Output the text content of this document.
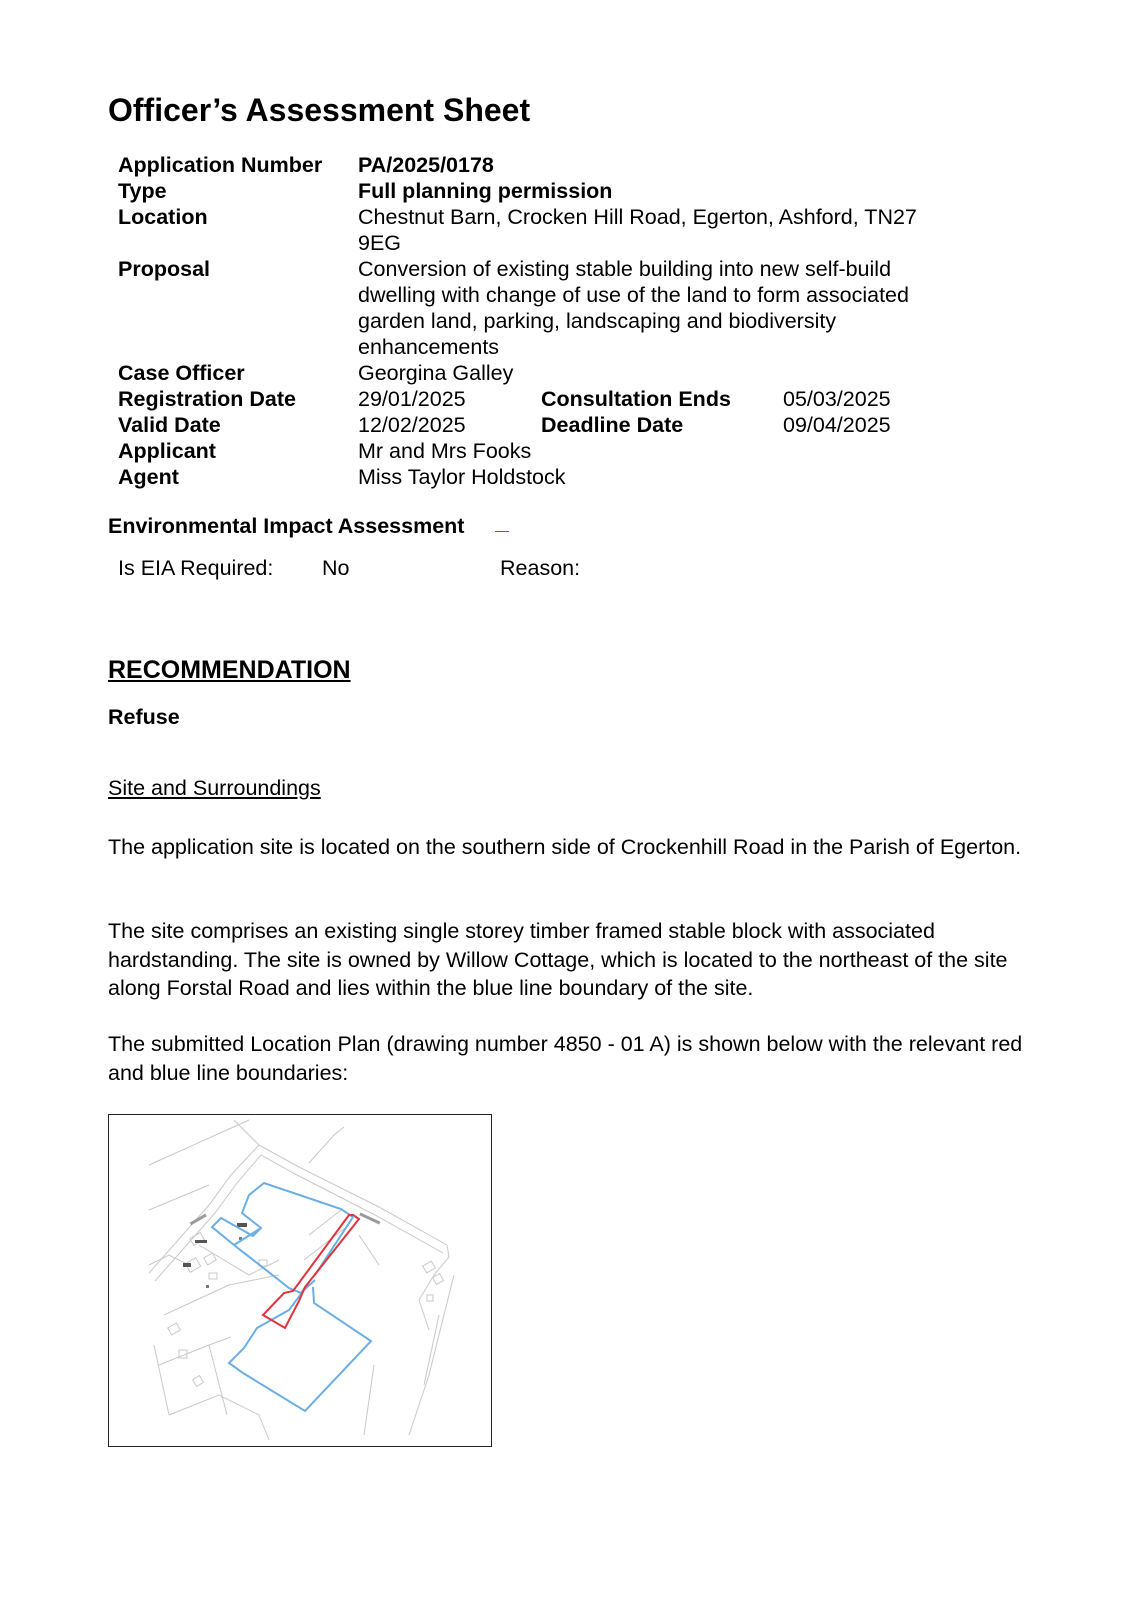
Officer’s Assessment Sheet
Application Number	PA/2025/0178
Type	Full planning permission
Location	Chestnut Barn, Crocken Hill Road, Egerton, Ashford, TN27 9EG
Proposal	Conversion of existing stable building into new self-build dwelling with change of use of the land to form associated garden land, parking, landscaping and biodiversity enhancements
Case Officer	Georgina Galley
Registration Date	29/01/2025	Consultation Ends	05/03/2025
Valid Date	12/02/2025	Deadline Date	09/04/2025
Applicant	Mr and Mrs Fooks
Agent	Miss Taylor Holdstock
Environmental Impact Assessment
Is EIA Required:	No	Reason:
RECOMMENDATION
Refuse
Site and Surroundings

The application site is located on the southern side of Crockenhill Road in the Parish of Egerton.

The site comprises an existing single storey timber framed stable block with associated hardstanding. The site is owned by Willow Cottage, which is located to the northeast of the site along Forstal Road and lies within the blue line boundary of the site.

The submitted Location Plan (drawing number 4850 - 01 A) is shown below with the relevant red and blue line boundaries:
